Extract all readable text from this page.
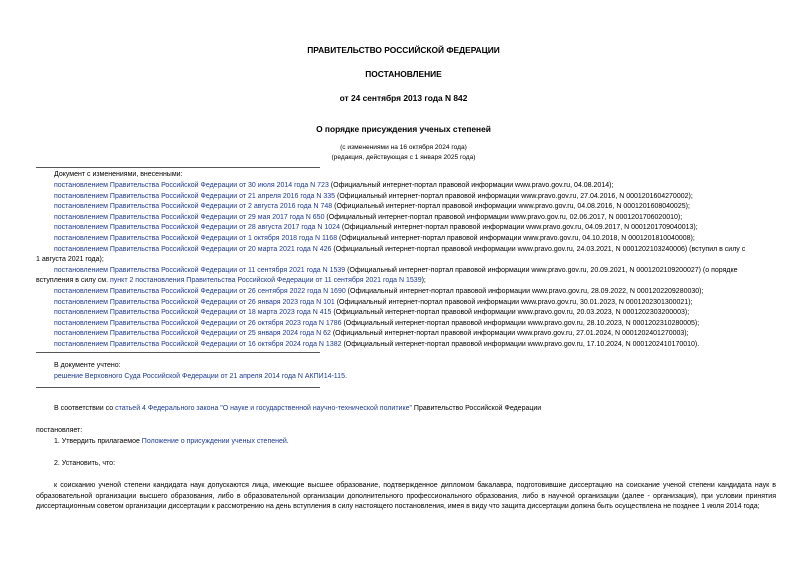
ПРАВИТЕЛЬСТВО РОССИЙСКОЙ ФЕДЕРАЦИИ
ПОСТАНОВЛЕНИЕ
от 24 сентября 2013 года N 842
О порядке присуждения ученых степеней
(с изменениями на 16 октября 2024 года)
(редакция, действующая с 1 января 2025 года)
Документ с изменениями, внесенными:
постановлением Правительства Российской Федерации от 30 июля 2014 года N 723 (Официальный интернет-портал правовой информации www.pravo.gov.ru, 04.08.2014);
постановлением Правительства Российской Федерации от 21 апреля 2016 года N 335 (Официальный интернет-портал правовой информации www.pravo.gov.ru, 27.04.2016, N 0001201604270002);
постановлением Правительства Российской Федерации от 2 августа 2016 года N 748 (Официальный интернет-портал правовой информации www.pravo.gov.ru, 04.08.2016, N 0001201608040025);
постановлением Правительства Российской Федерации от 29 мая 2017 года N 650 (Официальный интернет-портал правовой информации www.pravo.gov.ru, 02.06.2017, N 0001201706020010);
постановлением Правительства Российской Федерации от 28 августа 2017 года N 1024 (Официальный интернет-портал правовой информации www.pravo.gov.ru, 04.09.2017, N 0001201709040013);
постановлением Правительства Российской Федерации от 1 октября 2018 года N 1168 (Официальный интернет-портал правовой информации www.pravo.gov.ru, 04.10.2018, N 0001201810040008);
постановлением Правительства Российской Федерации от 20 марта 2021 года N 426 (Официальный интернет-портал правовой информации www.pravo.gov.ru, 24.03.2021, N 0001202103240006) (вступил в силу с
1 августа 2021 года);
постановлением Правительства Российской Федерации от 11 сентября 2021 года N 1539 (Официальный интернет-портал правовой информации www.pravo.gov.ru, 20.09.2021, N 0001202109200027) (о порядке
вступления в силу см. пункт 2 постановления Правительства Российской Федерации от 11 сентября 2021 года N 1539);
постановлением Правительства Российской Федерации от 26 сентября 2022 года N 1690 (Официальный интернет-портал правовой информации www.pravo.gov.ru, 28.09.2022, N 0001202209280030);
постановлением Правительства Российской Федерации от 26 января 2023 года N 101 (Официальный интернет-портал правовой информации www.pravo.gov.ru, 30.01.2023, N 0001202301300021);
постановлением Правительства Российской Федерации от 18 марта 2023 года N 415 (Официальный интернет-портал правовой информации www.pravo.gov.ru, 20.03.2023, N 0001202303200003);
постановлением Правительства Российской Федерации от 26 октября 2023 года N 1786 (Официальный интернет-портал правовой информации www.pravo.gov.ru, 28.10.2023, N 0001202310280005);
постановлением Правительства Российской Федерации от 25 января 2024 года N 62 (Официальный интернет-портал правовой информации www.pravo.gov.ru, 27.01.2024, N 0001202401270003);
постановлением Правительства Российской Федерации от 16 октября 2024 года N 1382 (Официальный интернет-портал правовой информации www.pravo.gov.ru, 17.10.2024, N 0001202410170010).
В документе учтено:
решение Верховного Суда Российской Федерации от 21 апреля 2014 года N АКПИ14-115.
В соответствии со статьей 4 Федерального закона "О науке и государственной научно-технической политике" Правительство Российской Федерации
постановляет:
1. Утвердить прилагаемое Положение о присуждении ученых степеней.
2. Установить, что:
к соисканию ученой степени кандидата наук допускаются лица, имеющие высшее образование, подтвержденное дипломом бакалавра, подготовившие диссертацию на соискание ученой степени кандидата наук в образовательной организации высшего образования, либо в образовательной организации дополнительного профессионального образования, либо в научной организации (далее - организация), при условии принятия диссертационным советом организации диссертации к рассмотрению на день вступления в силу настоящего постановления, имея в виду что защита диссертации должна быть осуществлена не позднее 1 июля 2014 года;
